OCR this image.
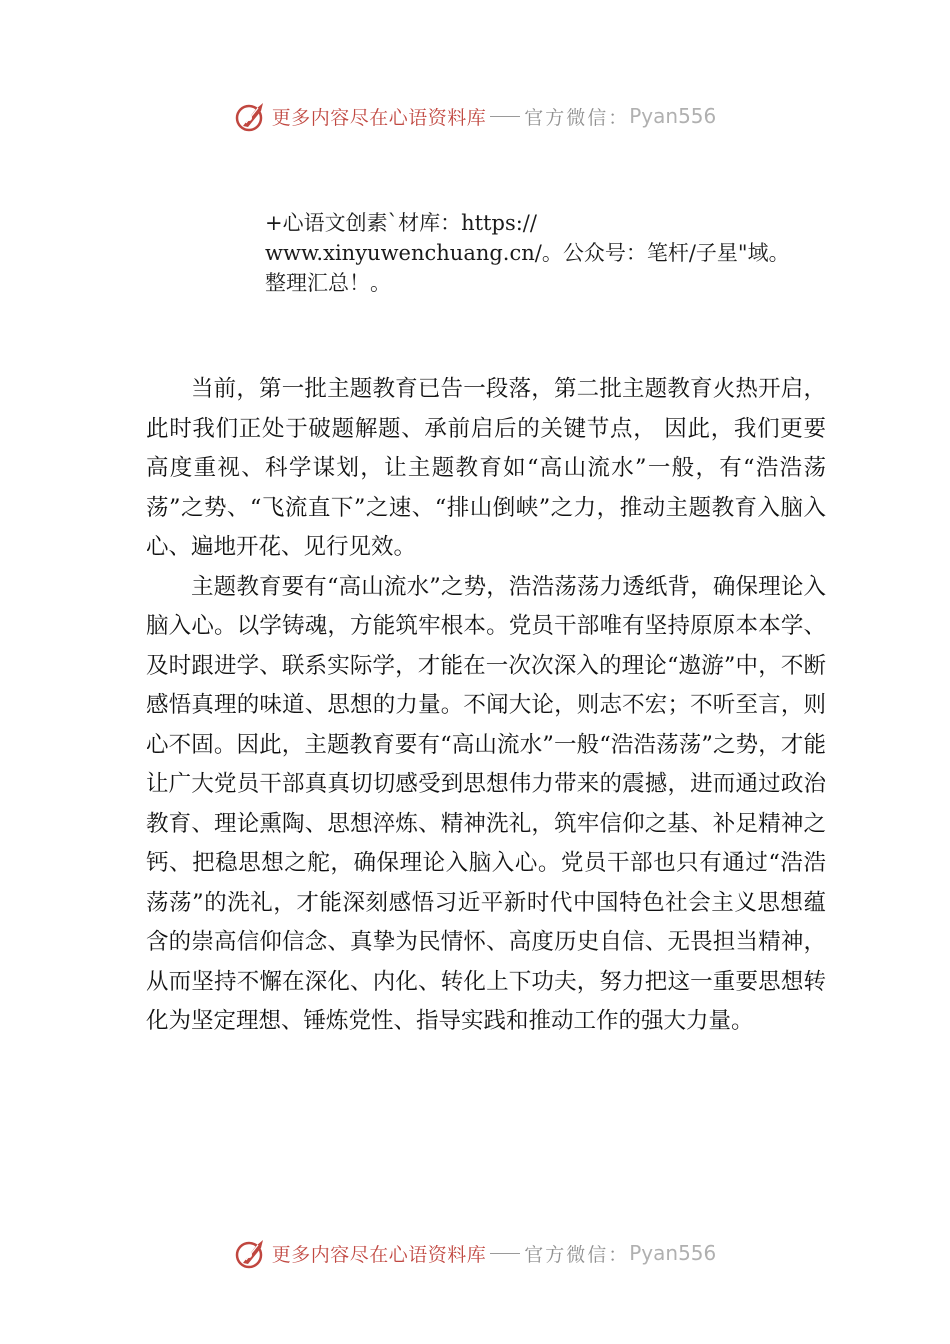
更多内容尽在心语资料库 官方微信： Pyan556
+心语文创素`材库：https://
www.xinyuwenchuang.cn/。公众号：笔杆/子星"域。
整理汇总！。

当前，第一批主题教育已告一段落，第二批主题教育火热开启，此时我们正处于破题解题、承前启后的关键节点， 因此，我们更要高度重视、科学谋划，让主题教育如“高山流水”一般，有“浩浩荡荡”之势、“飞流直下”之速、“排山倒峡”之力，推动主题教育入脑入心、遍地开花、见行见效。

主题教育要有“高山流水”之势，浩浩荡荡力透纸背，确保理论入脑入心。以学铸魂，方能筑牢根本。党员干部唯有坚持原原本本学、及时跟进学、联系实际学，才能在一次次深入的理论“遨游”中，不断感悟真理的味道、思想的力量。不闻大论，则志不宏；不听至言，则心不固。因此，主题教育要有“高山流水”一般“浩浩荡荡”之势，才能让广大党员干部真真切切感受到思想伟力带来的震撼，进而通过政治教育、理论熏陶、思想淬炼、精神洗礼，筑牢信仰之基、补足精神之钙、把稳思想之舵，确保理论入脑入心。党员干部也只有通过“浩浩荡荡”的洗礼，才能深刻感悟习近平新时代中国特色社会主义思想蕴含的崇高信仰信念、真挚为民情怀、高度历史自信、无畏担当精神，从而坚持不懈在深化、内化、转化上下功夫，努力把这一重要思想转化为坚定理想、锤炼党性、指导实践和推动工作的强大力量。

更多内容尽在心语资料库 官方微信： Pyan556
